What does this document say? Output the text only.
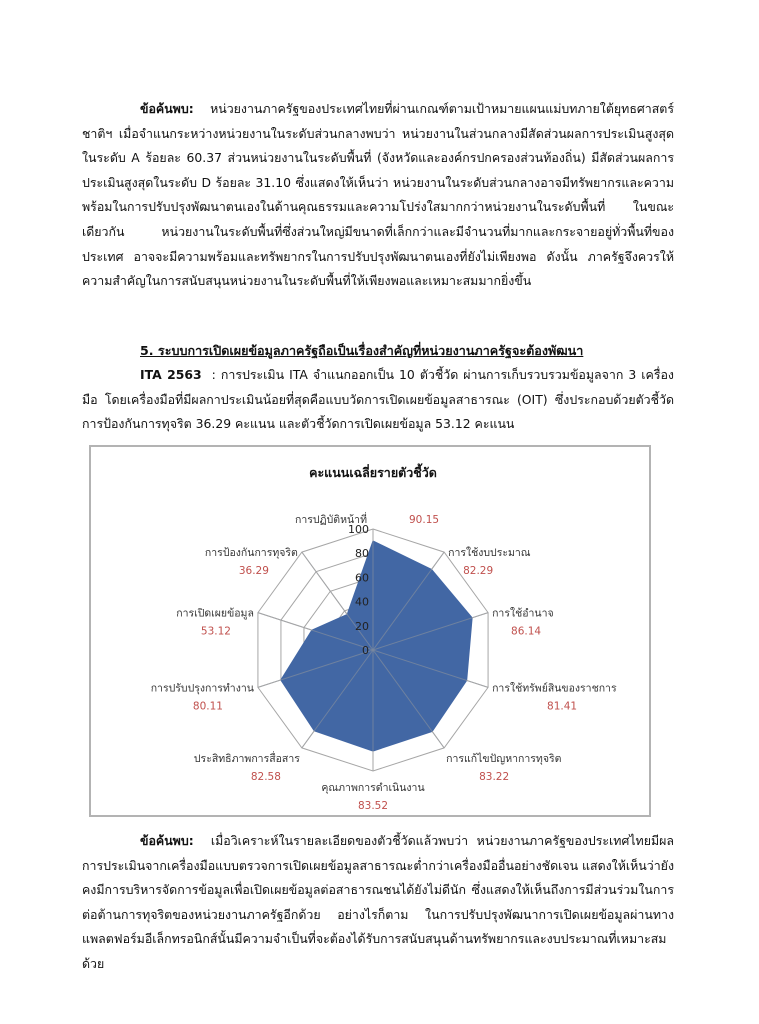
ข้อค้นพบ: หน่วยงานภาครัฐของประเทศไทยที่ผ่านเกณฑ์ตามเป้าหมายแผนแม่บทภายใต้ยุทธศาสตร์ชาติฯ เมื่อจำแนกระหว่างหน่วยงานในระดับส่วนกลางพบว่า หน่วยงานในส่วนกลางมีสัดส่วนผลการประเมินสูงสุดในระดับ A ร้อยละ 60.37 ส่วนหน่วยงานในระดับพื้นที่ (จังหวัดและองค์กรปกครองส่วนท้องถิ่น) มีสัดส่วนผลการประเมินสูงสุดในระดับ D ร้อยละ 31.10 ซึ่งแสดงให้เห็นว่า หน่วยงานในระดับส่วนกลางอาจมีทรัพยากรและความพร้อมในการปรับปรุงพัฒนาตนเองในด้านคุณธรรมและความโปร่งใสมากกว่าหน่วยงานในระดับพื้นที่ ในขณะเดียวกัน หน่วยงานในระดับพื้นที่ซึ่งส่วนใหญ่มีขนาดที่เล็กกว่าและมีจำนวนที่มากและกระจายอยู่ทั่วพื้นที่ของประเทศ อาจจะมีความพร้อมและทรัพยากรในการปรับปรุงพัฒนาตนเองที่ยังไม่เพียงพอ ดังนั้น ภาครัฐจึงควรให้ความสำคัญในการสนับสนุนหน่วยงานในระดับพื้นที่ให้เพียงพอและเหมาะสมมากยิ่งขึ้น
5. ระบบการเปิดเผยข้อมูลภาครัฐถือเป็นเรื่องสำคัญที่หน่วยงานภาครัฐจะต้องพัฒนา
ITA 2563 : การประเมิน ITA จำแนกออกเป็น 10 ตัวชี้วัด ผ่านการเก็บรวบรวมข้อมูลจาก 3 เครื่องมือ โดยเครื่องมือที่มีผลกาประเมินน้อยที่สุดคือแบบวัดการเปิดเผยข้อมูลสาธารณะ (OIT) ซึ่งประกอบด้วยตัวชี้วัดการป้องกันการทุจริต 36.29 คะแนน และตัวชี้วัดการเปิดเผยข้อมูล 53.12 คะแนน
คะแนนเฉลี่ยรายตัวชี้วัด
0
20
40
60
80
100
การปฏิบัติหน้าที่	90.15
การใช้งบประมาณ
82.29
การใช้อำนาจ
86.14
การใช้ทรัพย์สินของราชการ
81.41
การแก้ไขปัญหาการทุจริต
83.22
คุณภาพการดำเนินงาน
83.52
ประสิทธิภาพการสื่อสาร
82.58
การปรับปรุงการทำงาน
80.11
การเปิดเผยข้อมูล
53.12
การป้องกันการทุจริต
36.29
ข้อค้นพบ: เมื่อวิเคราะห์ในรายละเอียดของตัวชี้วัดแล้วพบว่า หน่วยงานภาครัฐของประเทศไทยมีผลการประเมินจากเครื่องมือแบบตรวจการเปิดเผยข้อมูลสาธารณะต่ำกว่าเครื่องมืออื่นอย่างชัดเจน แสดงให้เห็นว่ายังคงมีการบริหารจัดการข้อมูลเพื่อเปิดเผยข้อมูลต่อสาธารณชนได้ยังไม่ดีนัก ซึ่งแสดงให้เห็นถึงการมีส่วนร่วมในการต่อต้านการทุจริตของหน่วยงานภาครัฐอีกด้วย อย่างไรก็ตาม ในการปรับปรุงพัฒนาการเปิดเผยข้อมูลผ่านทางแพลตฟอร์มอีเล็กทรอนิกส์นั้นมีความจำเป็นที่จะต้องได้รับการสนับสนุนด้านทรัพยากรและงบประมาณที่เหมาะสมด้วย
